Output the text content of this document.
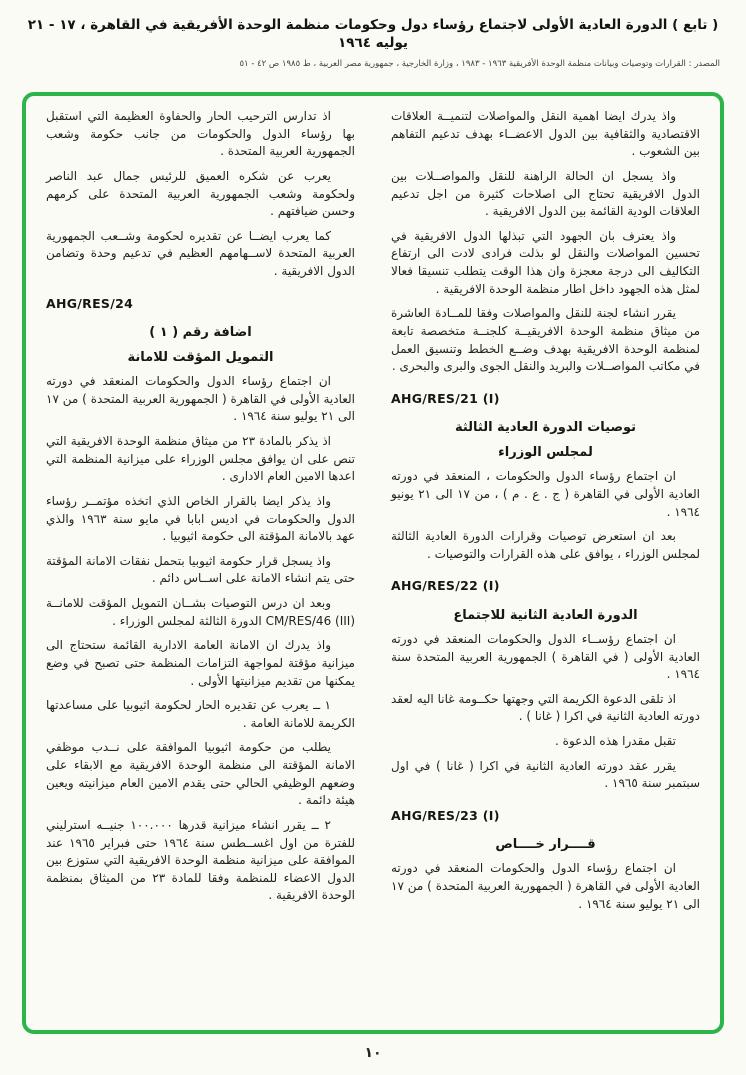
( تابع ) الدورة العادية الأولى لاجتماع رؤساء دول وحكومات منظمة الوحدة الأفريقية في القاهرة ، ١٧ - ٢١ يوليه ١٩٦٤
المصدر : القرارات وتوصيات وبيانات منظمة الوحدة الأفريقية ١٩٦٣ - ١٩٨٣ ، وزارة الخارجية ، جمهورية مصر العربية ، ط ١٩٨٥ ص ٤٢ - ٥١
واذ يدرك ايضا اهمية النقل والمواصلات لتنميــة العلاقات الاقتصادية والثقافية بين الدول الاعضــاء بهدف تدعيم التفاهم بين الشعوب .
واذ يسجل ان الحالة الراهنة للنقل والمواصــلات بين الدول الافريقية تحتاج الى اصلاحات كثيرة من اجل تدعيم العلاقات الودية القائمة بين الدول الافريقية .
واذ يعترف بان الجهود التي تبذلها الدول الافريقية في تحسين المواصلات والنقل لو بذلت فرادى لادت الى ارتفاع التكاليف الى درجة معجزة وان هذا الوقت يتطلب تنسيقا فعالا لمثل هذه الجهود داخل اطار منظمة الوحدة الافريقية .
يقرر انشاء لجنة للنقل والمواصلات وفقا للمــادة العاشرة من ميثاق منظمة الوحدة الافريقيــة كلجنــة متخصصة تابعة لمنظمة الوحدة الافريقية بهدف وضــع الخطط وتنسيق العمل في مكاتب المواصــلات والبريد والنقل الجوى والبرى والبحرى .
AHG/RES/21 (I)
توصيات الدورة العادية الثالثة
لمجلس الوزراء
ان اجتماع رؤساء الدول والحكومات ، المنعقد في دورته العادية الأولى في القاهرة ( ج . ع . م ) ، من ١٧ الى ٢١ يونيو ١٩٦٤ .
بعد ان استعرض توصيات وقرارات الدورة العادية الثالثة لمجلس الوزراء ، يوافق على هذه القرارات والتوصيات .
AHG/RES/22 (I)
الدورة العادية الثانية للاجتماع
ان اجتماع رؤســاء الدول والحكومات المنعقد في دورته العادية الأولى ( في القاهرة ) الجمهورية العربية المتحدة سنة ١٩٦٤ .
اذ تلقى الدعوة الكريمة التي وجهتها حكــومة غانا اليه لعقد دورته العادية الثانية في اكرا ( غانا ) .
تقبل مقدرا هذه الدعوة .
يقرر عقد دورته العادية الثانية في اكرا ( غانا ) في اول سبتمبر سنة ١٩٦٥ .
AHG/RES/23 (I)
قــــرار خــــاص
ان اجتماع رؤساء الدول والحكومات المنعقد في دورته العادية الأولى في القاهرة ( الجمهورية العربية المتحدة ) من ١٧ الى ٢١ يوليو سنة ١٩٦٤ .
اذ تدارس الترحيب الحار والحفاوة العظيمة التي استقبل بها رؤساء الدول والحكومات من جانب حكومة وشعب الجمهورية العربية المتحدة .
يعرب عن شكره العميق للرئيس جمال عبد الناصر ولحكومة وشعب الجمهورية العربية المتحدة على كرمهم وحسن ضيافتهم .
كما يعرب ايضــا عن تقديره لحكومة وشــعب الجمهورية العربية المتحدة لاســهامهم العظيم في تدعيم وحدة وتضامن الدول الافريقية .
AHG/RES/24
اضافة رقم ( ١ )
التمويل المؤقت للامانة
ان اجتماع رؤساء الدول والحكومات المنعقد في دورته العادية الأولى في القاهرة ( الجمهورية العربية المتحدة ) من ١٧ الى ٢١ يوليو سنة ١٩٦٤ .
اذ يذكر بالمادة ٢٣ من ميثاق منظمة الوحدة الافريقية التي تنص على ان يوافق مجلس الوزراء على ميزانية المنظمة التي اعدها الامين العام الادارى .
واذ يذكر ايضا بالقرار الخاص الذي اتخذه مؤتمــر رؤساء الدول والحكومات في اديس ابابا في مايو سنة ١٩٦٣ والذي عهد بالامانة المؤقتة الى حكومة اثيوبيا .
واذ يسجل قرار حكومة اثيوبيا بتحمل نفقات الامانة المؤقتة حتى يتم انشاء الامانة على اســاس دائم .
وبعد ان درس التوصيات بشــان التمويل المؤقت للامانــة CM/RES/46 (III) الدورة الثالثة لمجلس الوزراء .
واذ يدرك ان الامانة العامة الادارية القائمة ستحتاج الى ميزانية مؤقتة لمواجهة التزامات المنظمة حتى تصبح في وضع يمكنها من تقديم ميزانيتها الأولى .
١ ــ يعرب عن تقديره الحار لحكومة اثيوبيا على مساعدتها الكريمة للامانة العامة .
يطلب من حكومة اثيوبيا الموافقة على نــدب موظفي الامانة المؤقتة الى منظمة الوحدة الافريقية مع الابقاء على وضعهم الوظيفي الحالي حتى يقدم الامين العام ميزانيته ويعين هيئة دائمة .
٢ ــ يقرر انشاء ميزانية قدرها ١٠٠.٠٠٠ جنيــه استرليني للفترة من اول اغســطس سنة ١٩٦٤ حتى فبراير ١٩٦٥ عند الموافقة على ميزانية منظمة الوحدة الافريقية التي ستوزع بين الدول الاعضاء للمنظمة وفقا للمادة ٢٣ من الميثاق بمنظمة الوحدة الافريقية .
١٠
